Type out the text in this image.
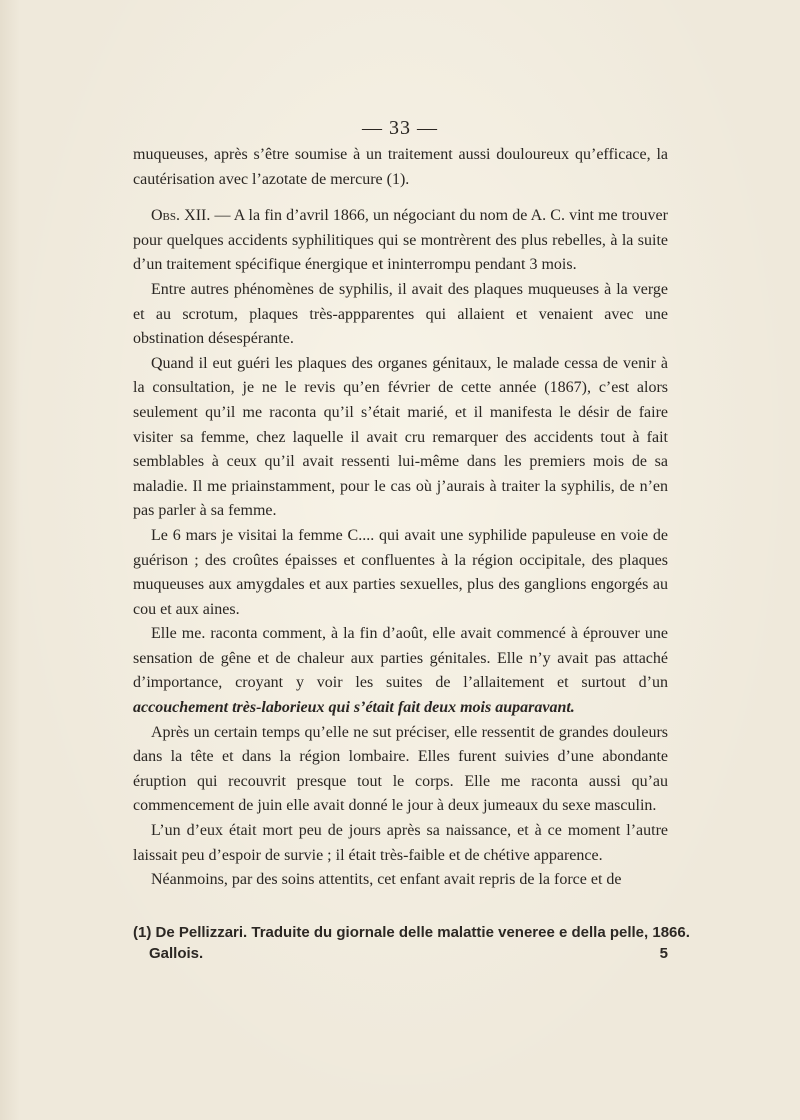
— 33 —

muqueuses, après s’être soumise à un traitement aussi douloureux qu’efficace, la cautérisation avec l’azotate de mercure (1).

Obs. XII. — A la fin d’avril 1866, un négociant du nom de A. C. vint me trouver pour quelques accidents syphilitiques qui se montrèrent des plus rebelles, à la suite d’un traitement spécifique énergique et ininterrompu pendant 3 mois.

Entre autres phénomènes de syphilis, il avait des plaques muqueuses à la verge et au scrotum, plaques très-appparentes qui allaient et venaient avec une obstination désespérante.

Quand il eut guéri les plaques des organes génitaux, le malade cessa de venir à la consultation, je ne le revis qu’en février de cette année (1867), c’est alors seulement qu’il me raconta qu’il s’était marié, et il manifesta le désir de faire visiter sa femme, chez laquelle il avait cru remarquer des accidents tout à fait semblables à ceux qu’il avait ressenti lui-même dans les premiers mois de sa maladie. Il me priainstamment, pour le cas où j’aurais à traiter la syphilis, de n’en pas parler à sa femme.

Le 6 mars je visitai la femme C.... qui avait une syphilide papuleuse en voie de guérison ; des croûtes épaisses et confluentes à la région occipitale, des plaques muqueuses aux amygdales et aux parties sexuelles, plus des ganglions engorgés au cou et aux aines.

Elle me. raconta comment, à la fin d’août, elle avait commencé à éprouver une sensation de gêne et de chaleur aux parties génitales. Elle n’y avait pas attaché d’importance, croyant y voir les suites de l’allaitement et surtout d’un accouchement très-laborieux qui s’était fait deux mois auparavant.

Après un certain temps qu’elle ne sut préciser, elle ressentit de grandes douleurs dans la tête et dans la région lombaire. Elles furent suivies d’une abondante éruption qui recouvrit presque tout le corps. Elle me raconta aussi qu’au commencement de juin elle avait donné le jour à deux jumeaux du sexe masculin.

L’un d’eux était mort peu de jours après sa naissance, et à ce moment l’autre laissait peu d’espoir de survie ; il était très-faible et de chétive apparence.

Néanmoins, par des soins attentits, cet enfant avait repris de la force et de

(1) De Pellizzari. Traduite du giornale delle malattie veneree e della pelle, 1866.
Gallois.	5
